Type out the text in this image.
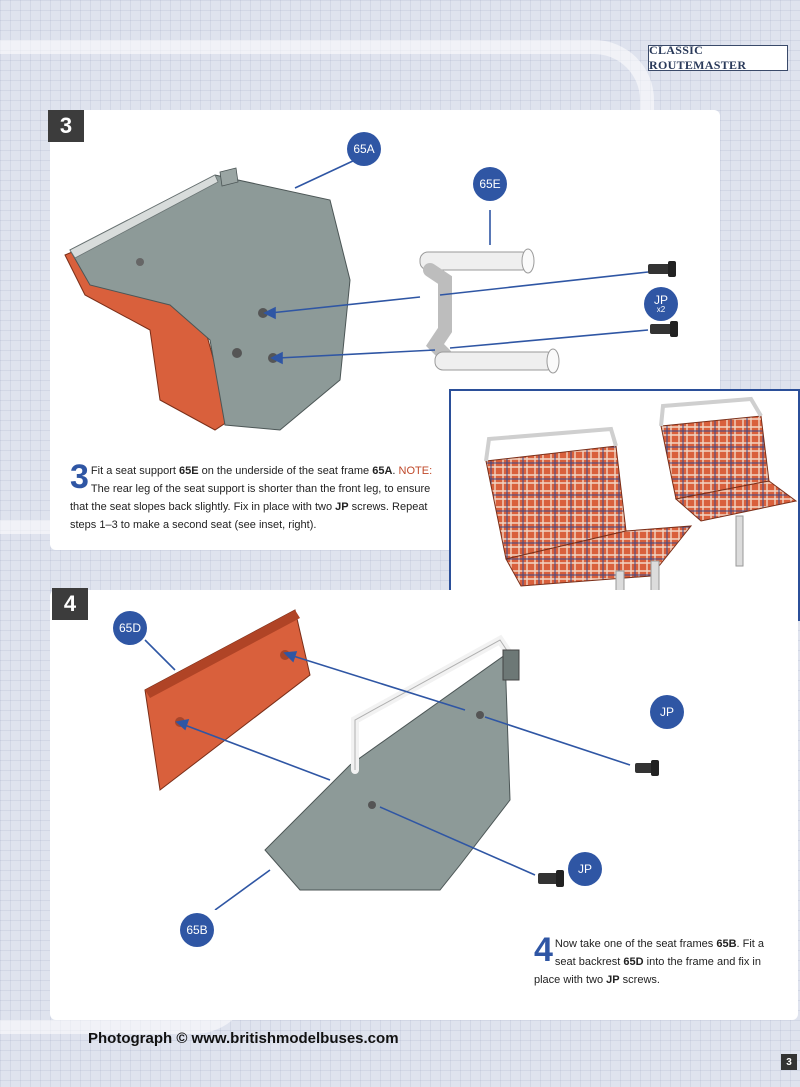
CLASSIC ROUTEMASTER
3
65A
65E
JP
x2

3 Fit a seat support 65E on the underside of the seat frame 65A. NOTE: The rear leg of the seat support is shorter than the front leg, to ensure that the seat slopes back slightly. Fix in place with two JP screws. Repeat steps 1–3 to make a second seat (see inset, right).

4
65D
JP
JP
65B

4 Now take one of the seat frames 65B. Fit a seat backrest 65D into the frame and fix in place with two JP screws.

Photograph © www.britishmodelbuses.com
3
